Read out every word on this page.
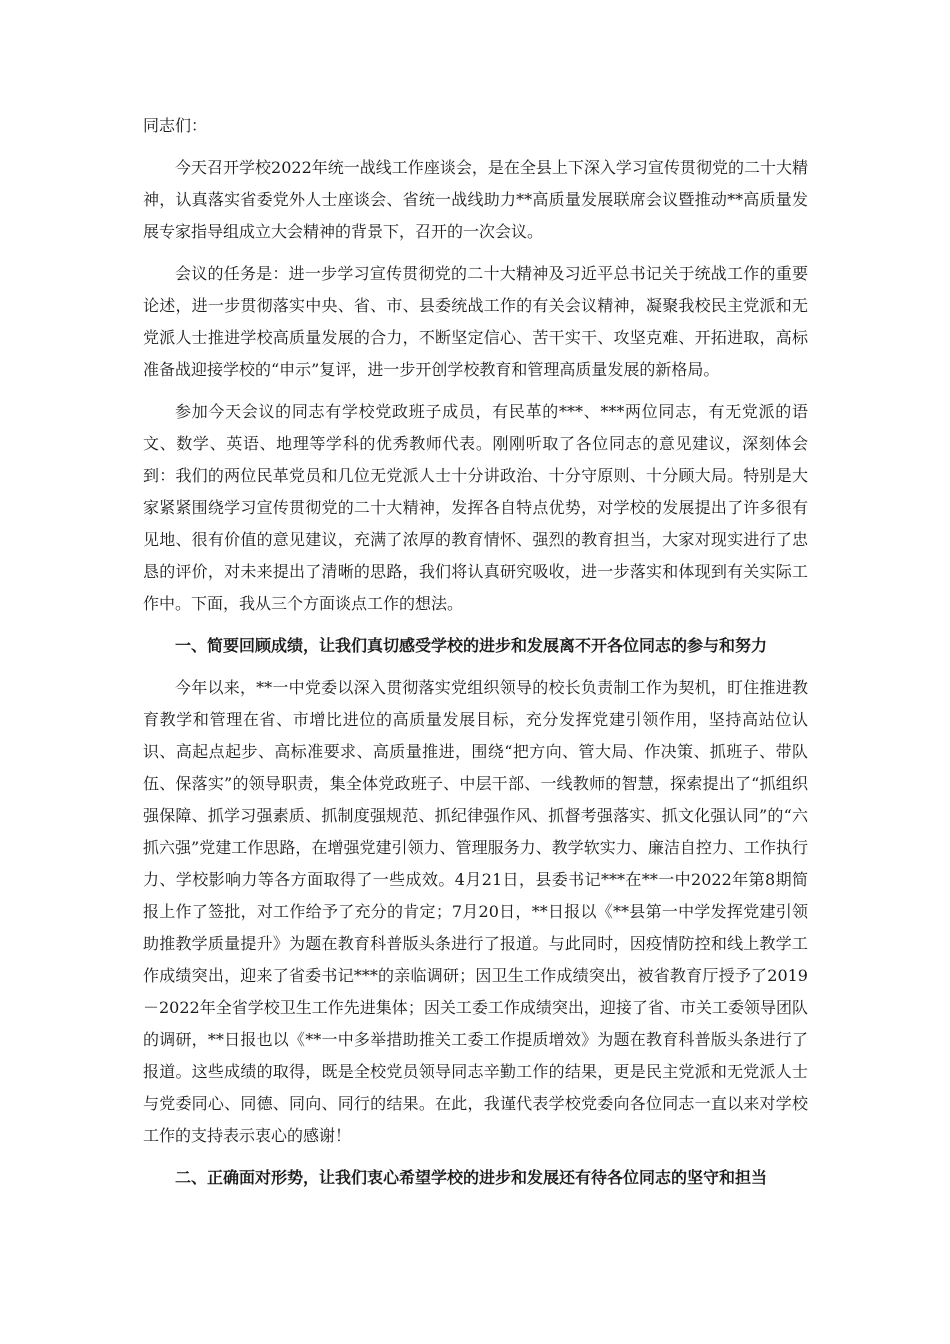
同志们：

今天召开学校2022年统一战线工作座谈会，是在全县上下深入学习宣传贯彻党的二十大精神，认真落实省委党外人士座谈会、省统一战线助力**高质量发展联席会议暨推动**高质量发展专家指导组成立大会精神的背景下，召开的一次会议。

会议的任务是：进一步学习宣传贯彻党的二十大精神及习近平总书记关于统战工作的重要论述，进一步贯彻落实中央、省、市、县委统战工作的有关会议精神，凝聚我校民主党派和无党派人士推进学校高质量发展的合力，不断坚定信心、苦干实干、攻坚克难、开拓进取，高标准备战迎接学校的“申示”复评，进一步开创学校教育和管理高质量发展的新格局。

参加今天会议的同志有学校党政班子成员，有民革的***、***两位同志，有无党派的语文、数学、英语、地理等学科的优秀教师代表。刚刚听取了各位同志的意见建议，深刻体会到：我们的两位民革党员和几位无党派人士十分讲政治、十分守原则、十分顾大局。特别是大家紧紧围绕学习宣传贯彻党的二十大精神，发挥各自特点优势，对学校的发展提出了许多很有见地、很有价值的意见建议，充满了浓厚的教育情怀、强烈的教育担当，大家对现实进行了忠恳的评价，对未来提出了清晰的思路，我们将认真研究吸收，进一步落实和体现到有关实际工作中。下面，我从三个方面谈点工作的想法。

一、简要回顾成绩，让我们真切感受学校的进步和发展离不开各位同志的参与和努力

今年以来，**一中党委以深入贯彻落实党组织领导的校长负责制工作为契机，盯住推进教育教学和管理在省、市增比进位的高质量发展目标，充分发挥党建引领作用，坚持高站位认识、高起点起步、高标准要求、高质量推进，围绕“把方向、管大局、作决策、抓班子、带队伍、保落实”的领导职责，集全体党政班子、中层干部、一线教师的智慧，探索提出了“抓组织强保障、抓学习强素质、抓制度强规范、抓纪律强作风、抓督考强落实、抓文化强认同”的“六抓六强”党建工作思路，在增强党建引领力、管理服务力、教学软实力、廉洁自控力、工作执行力、学校影响力等各方面取得了一些成效。4月21日，县委书记***在**一中2022年第8期简报上作了签批，对工作给予了充分的肯定；7月20日，**日报以《**县第一中学发挥党建引领助推教学质量提升》为题在教育科普版头条进行了报道。与此同时，因疫情防控和线上教学工作成绩突出，迎来了省委书记***的亲临调研；因卫生工作成绩突出，被省教育厅授予了2019－2022年全省学校卫生工作先进集体；因关工委工作成绩突出，迎接了省、市关工委领导团队的调研，**日报也以《**一中多举措助推关工委工作提质增效》为题在教育科普版头条进行了报道。这些成绩的取得，既是全校党员领导同志辛勤工作的结果，更是民主党派和无党派人士与党委同心、同德、同向、同行的结果。在此，我谨代表学校党委向各位同志一直以来对学校工作的支持表示衷心的感谢！

二、正确面对形势，让我们衷心希望学校的进步和发展还有待各位同志的坚守和担当
